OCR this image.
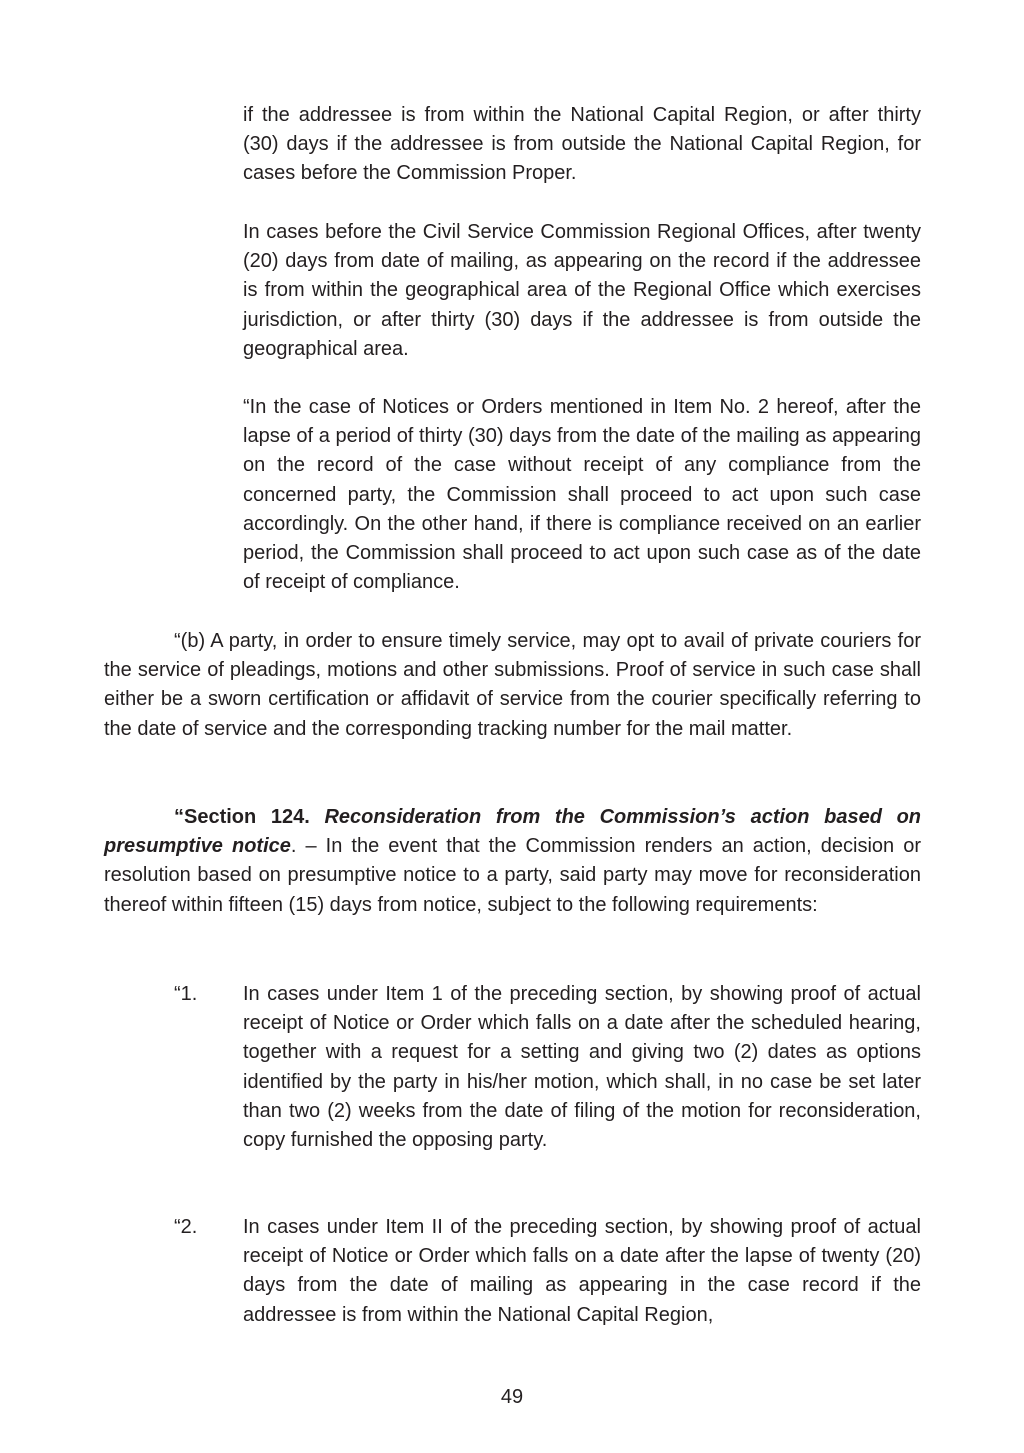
if the addressee is from within the National Capital Region, or after thirty (30) days if the addressee is from outside the National Capital Region, for cases before the Commission Proper.

In cases before the Civil Service Commission Regional Offices, after twenty (20) days from date of mailing, as appearing on the record if the addressee is from within the geographical area of the Regional Office which exercises jurisdiction, or after thirty (30) days if the addressee is from outside the geographical area.

“In the case of Notices or Orders mentioned in Item No. 2 hereof, after the lapse of a period of thirty (30) days from the date of the mailing as appearing on the record of the case without receipt of any compliance from the concerned party, the Commission shall proceed to act upon such case accordingly. On the other hand, if there is compliance received on an earlier period, the Commission shall proceed to act upon such case as of the date of receipt of compliance.

“(b) A party, in order to ensure timely service, may opt to avail of private couriers for the service of pleadings, motions and other submissions. Proof of service in such case shall either be a sworn certification or affidavit of service from the courier specifically referring to the date of service and the corresponding tracking number for the mail matter.

“Section 124. Reconsideration from the Commission’s action based on presumptive notice. – In the event that the Commission renders an action, decision or resolution based on presumptive notice to a party, said party may move for reconsideration thereof within fifteen (15) days from notice, subject to the following requirements:

“1.	In cases under Item 1 of the preceding section, by showing proof of actual receipt of Notice or Order which falls on a date after the scheduled hearing, together with a request for a setting and giving two (2) dates as options identified by the party in his/her motion, which shall, in no case be set later than two (2) weeks from the date of filing of the motion for reconsideration, copy furnished the opposing party.
“2.	In cases under Item II of the preceding section, by showing proof of actual receipt of Notice or Order which falls on a date after the lapse of twenty (20) days from the date of mailing as appearing in the case record if the addressee is from within the National Capital Region,
49
